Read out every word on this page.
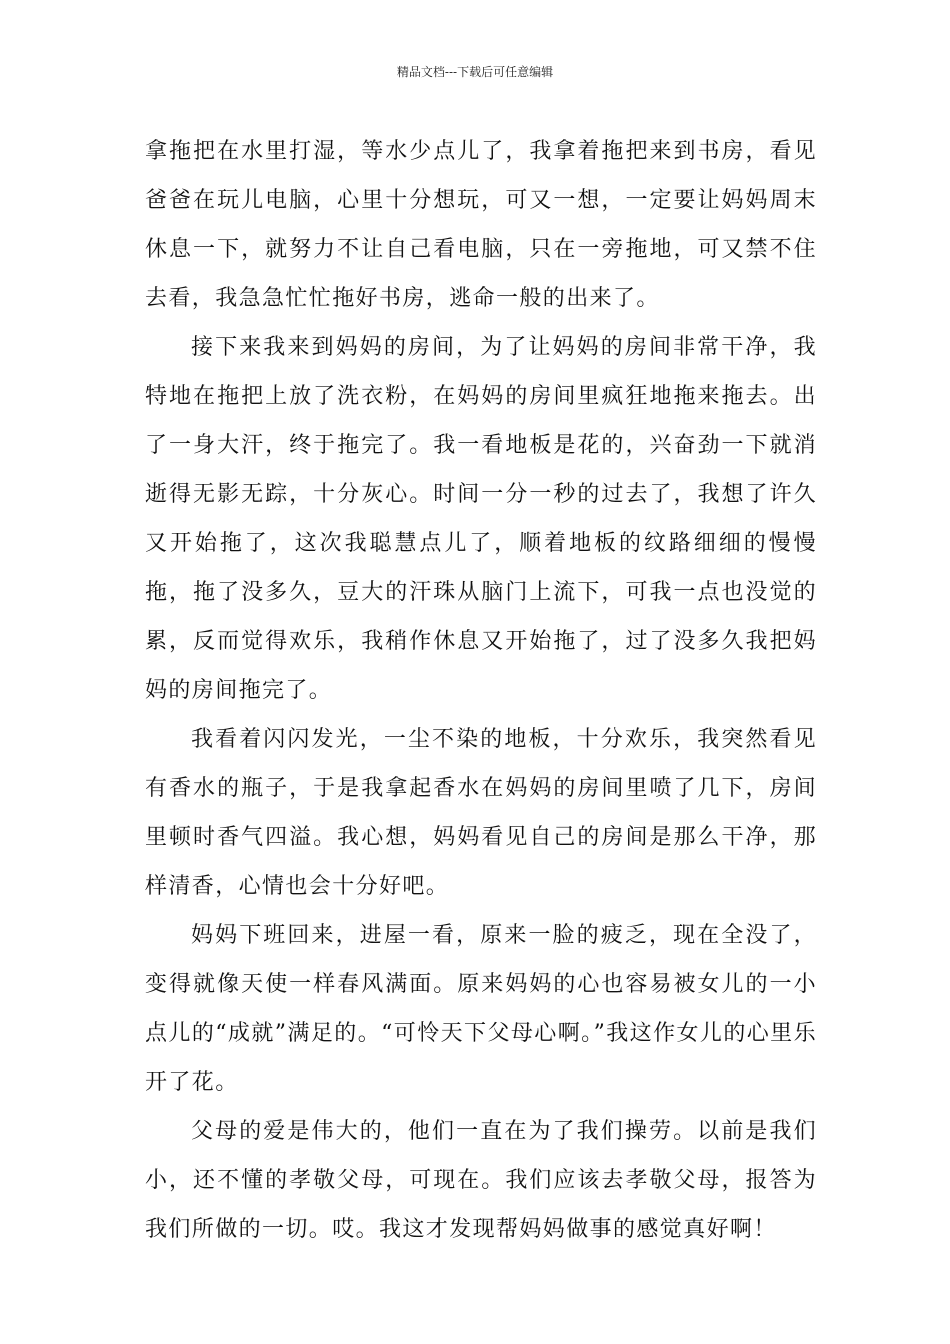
精品文档---下载后可任意编辑

拿拖把在水里打湿，等水少点儿了，我拿着拖把来到书房，看见爸爸在玩儿电脑，心里十分想玩，可又一想，一定要让妈妈周末休息一下，就努力不让自己看电脑，只在一旁拖地，可又禁不住去看，我急急忙忙拖好书房，逃命一般的出来了。

接下来我来到妈妈的房间，为了让妈妈的房间非常干净，我特地在拖把上放了洗衣粉，在妈妈的房间里疯狂地拖来拖去。出了一身大汗，终于拖完了。我一看地板是花的，兴奋劲一下就消逝得无影无踪，十分灰心。时间一分一秒的过去了，我想了许久又开始拖了，这次我聪慧点儿了，顺着地板的纹路细细的慢慢拖，拖了没多久，豆大的汗珠从脑门上流下，可我一点也没觉的累，反而觉得欢乐，我稍作休息又开始拖了，过了没多久我把妈妈的房间拖完了。

我看着闪闪发光，一尘不染的地板，十分欢乐，我突然看见有香水的瓶子，于是我拿起香水在妈妈的房间里喷了几下，房间里顿时香气四溢。我心想，妈妈看见自己的房间是那么干净，那样清香，心情也会十分好吧。

妈妈下班回来，进屋一看，原来一脸的疲乏，现在全没了，变得就像天使一样春风满面。原来妈妈的心也容易被女儿的一小点儿的“成就”满足的。“可怜天下父母心啊。”我这作女儿的心里乐开了花。

父母的爱是伟大的，他们一直在为了我们操劳。以前是我们小，还不懂的孝敬父母，可现在。我们应该去孝敬父母，报答为我们所做的一切。哎。我这才发现帮妈妈做事的感觉真好啊！
